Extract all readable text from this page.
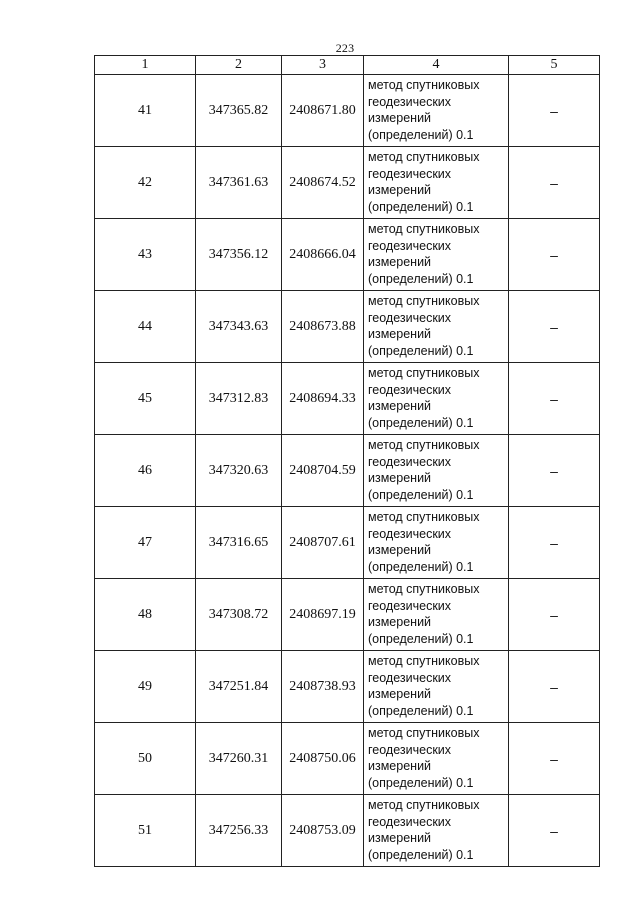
223
1	2	3	4	5
41	347365.82	2408671.80	метод спутниковых геодезических измерений (определений) 0.1	–
42	347361.63	2408674.52	метод спутниковых геодезических измерений (определений) 0.1	–
43	347356.12	2408666.04	метод спутниковых геодезических измерений (определений) 0.1	–
44	347343.63	2408673.88	метод спутниковых геодезических измерений (определений) 0.1	–
45	347312.83	2408694.33	метод спутниковых геодезических измерений (определений) 0.1	–
46	347320.63	2408704.59	метод спутниковых геодезических измерений (определений) 0.1	–
47	347316.65	2408707.61	метод спутниковых геодезических измерений (определений) 0.1	–
48	347308.72	2408697.19	метод спутниковых геодезических измерений (определений) 0.1	–
49	347251.84	2408738.93	метод спутниковых геодезических измерений (определений) 0.1	–
50	347260.31	2408750.06	метод спутниковых геодезических измерений (определений) 0.1	–
51	347256.33	2408753.09	метод спутниковых геодезических измерений (определений) 0.1	–
